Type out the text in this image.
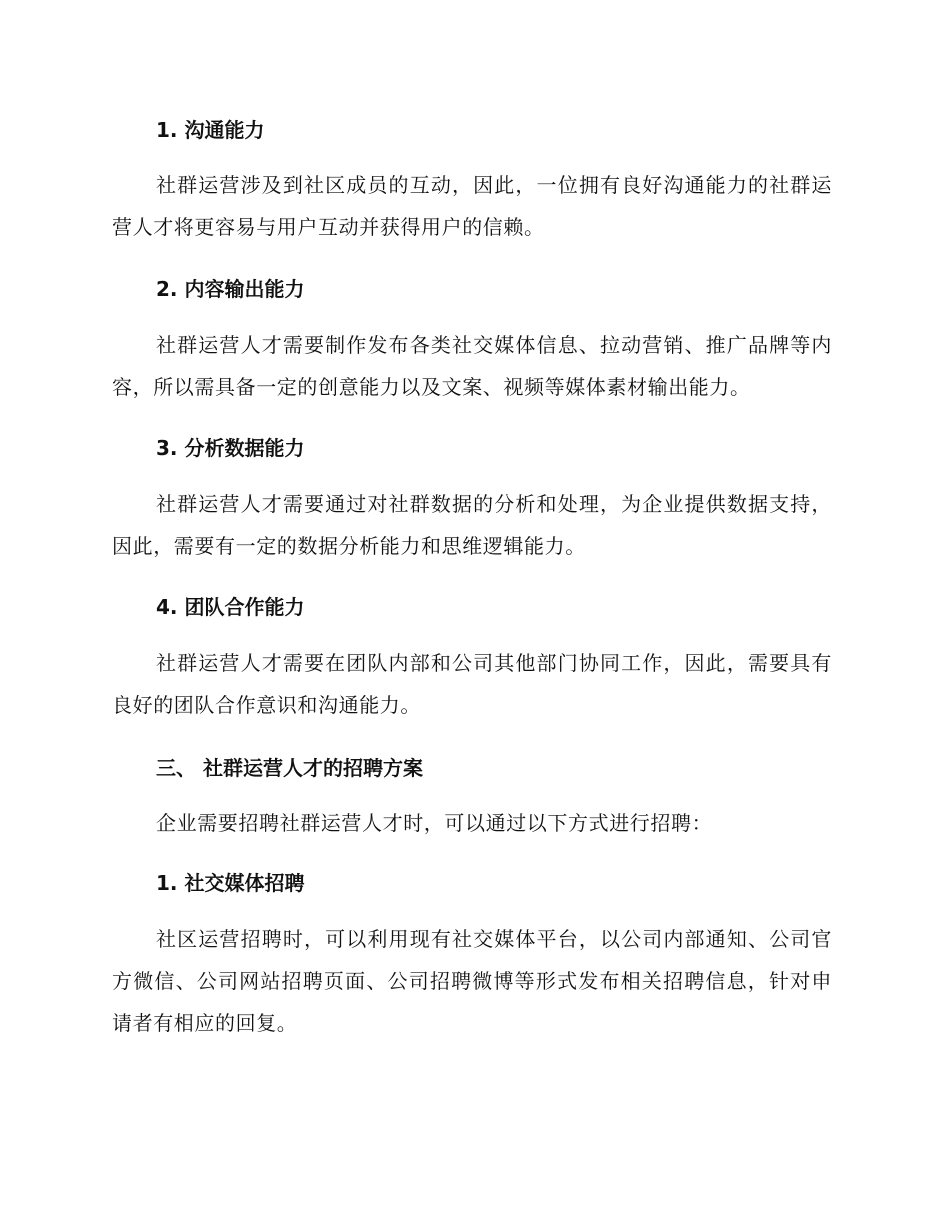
1. 沟通能力
社群运营涉及到社区成员的互动，因此，一位拥有良好沟通能力的社群运营人才将更容易与用户互动并获得用户的信赖。
2. 内容输出能力
社群运营人才需要制作发布各类社交媒体信息、拉动营销、推广品牌等内容，所以需具备一定的创意能力以及文案、视频等媒体素材输出能力。
3. 分析数据能力
社群运营人才需要通过对社群数据的分析和处理，为企业提供数据支持，因此，需要有一定的数据分析能力和思维逻辑能力。
4. 团队合作能力
社群运营人才需要在团队内部和公司其他部门协同工作，因此，需要具有良好的团队合作意识和沟通能力。
三、 社群运营人才的招聘方案
企业需要招聘社群运营人才时，可以通过以下方式进行招聘：
1. 社交媒体招聘
社区运营招聘时，可以利用现有社交媒体平台，以公司内部通知、公司官方微信、公司网站招聘页面、公司招聘微博等形式发布相关招聘信息，针对申请者有相应的回复。
